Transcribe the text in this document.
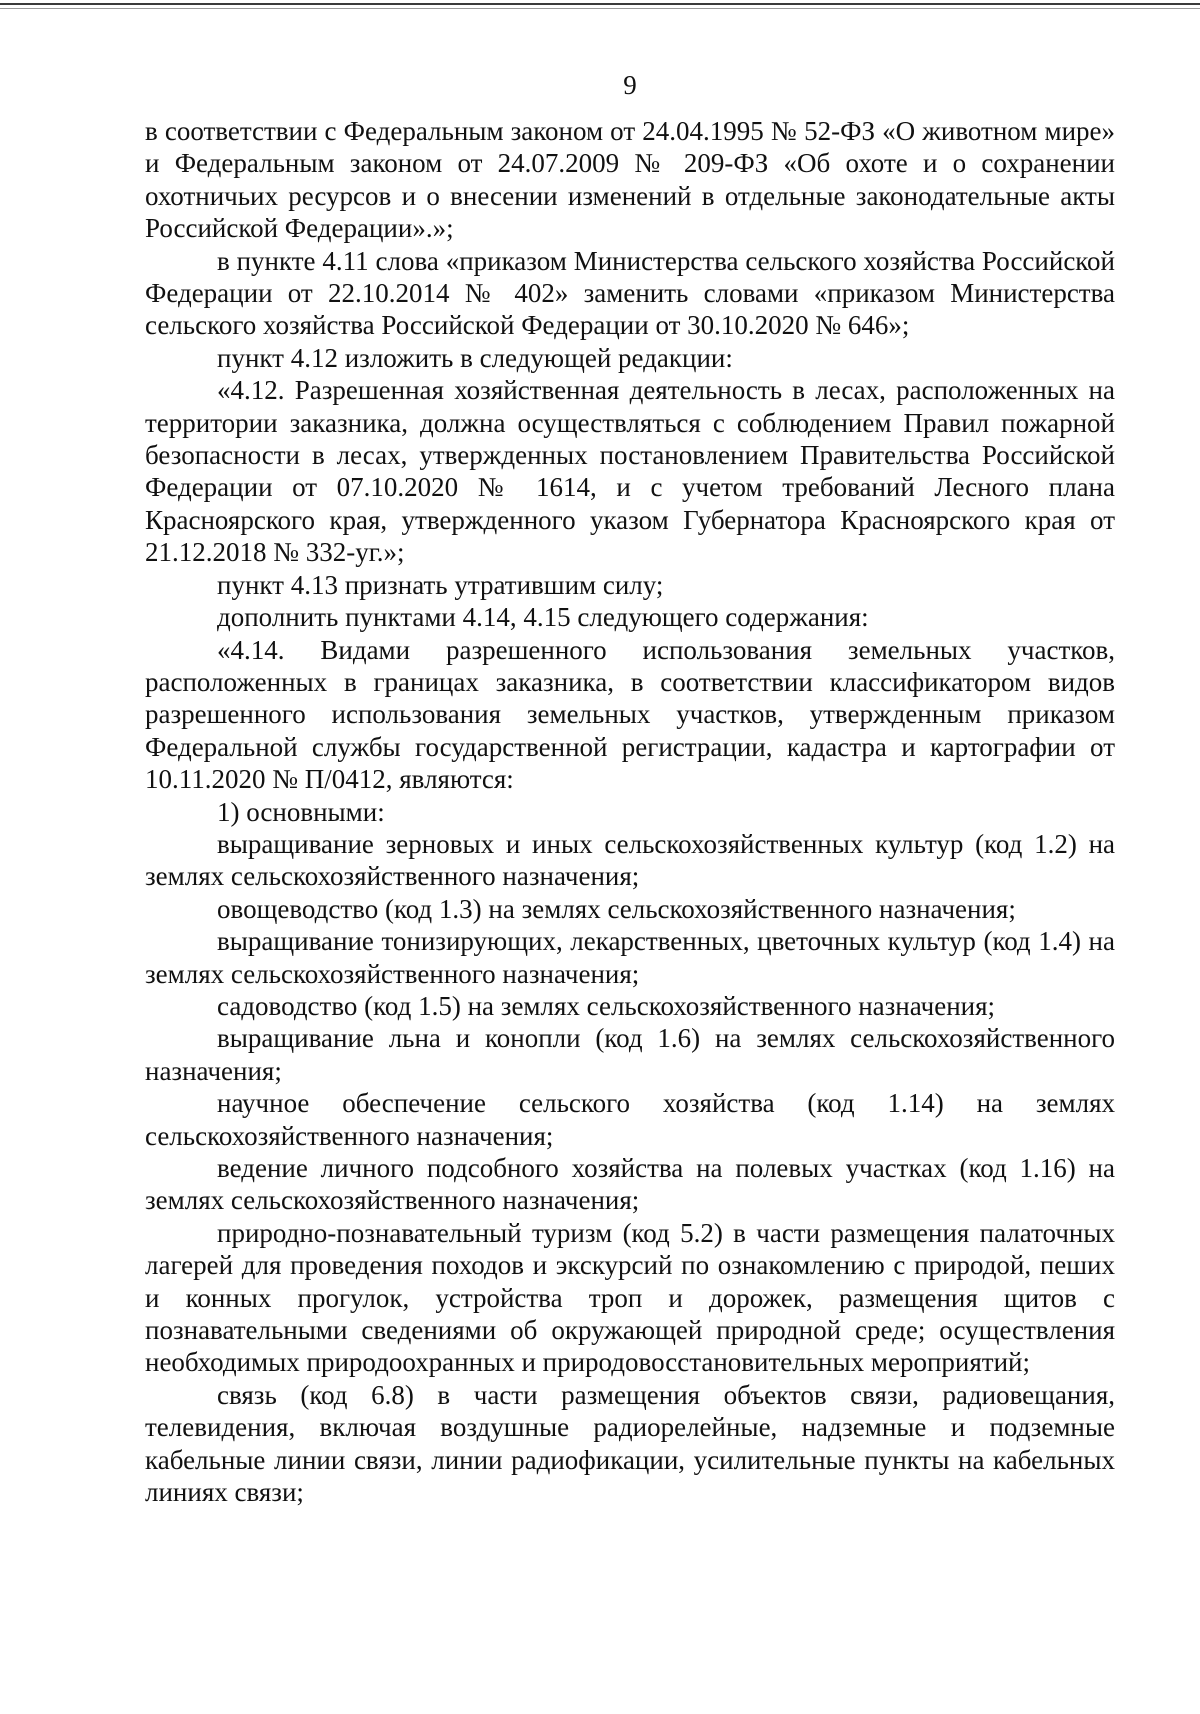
9

в соответствии с Федеральным законом от 24.04.1995 № 52-ФЗ «О животном мире» и Федеральным законом от 24.07.2009 № 209-ФЗ «Об охоте и о сохранении охотничьих ресурсов и о внесении изменений в отдельные законодательные акты Российской Федерации».»;

в пункте 4.11 слова «приказом Министерства сельского хозяйства Российской Федерации от 22.10.2014 № 402» заменить словами «приказом Министерства сельского хозяйства Российской Федерации от 30.10.2020 № 646»;

пункт 4.12 изложить в следующей редакции:

«4.12. Разрешенная хозяйственная деятельность в лесах, расположенных на территории заказника, должна осуществляться с соблюдением Правил пожарной безопасности в лесах, утвержденных постановлением Правительства Российской Федерации от 07.10.2020 № 1614, и с учетом требований Лесного плана Красноярского края, утвержденного указом Губернатора Красноярского края от 21.12.2018 № 332-уг.»;

пункт 4.13 признать утратившим силу;

дополнить пунктами 4.14, 4.15 следующего содержания:

«4.14. Видами разрешенного использования земельных участков, расположенных в границах заказника, в соответствии классификатором видов разрешенного использования земельных участков, утвержденным приказом Федеральной службы государственной регистрации, кадастра и картографии от 10.11.2020 № П/0412, являются:

1) основными:

выращивание зерновых и иных сельскохозяйственных культур (код 1.2) на землях сельскохозяйственного назначения;

овощеводство (код 1.3) на землях сельскохозяйственного назначения;

выращивание тонизирующих, лекарственных, цветочных культур (код 1.4) на землях сельскохозяйственного назначения;

садоводство (код 1.5) на землях сельскохозяйственного назначения;

выращивание льна и конопли (код 1.6) на землях сельскохозяйственного назначения;

научное обеспечение сельского хозяйства (код 1.14) на землях сельскохозяйственного назначения;

ведение личного подсобного хозяйства на полевых участках (код 1.16) на землях сельскохозяйственного назначения;

природно-познавательный туризм (код 5.2) в части размещения палаточных лагерей для проведения походов и экскурсий по ознакомлению с природой, пеших и конных прогулок, устройства троп и дорожек, размещения щитов с познавательными сведениями об окружающей природной среде; осуществления необходимых природоохранных и природовосстановительных мероприятий;

связь (код 6.8) в части размещения объектов связи, радиовещания, телевидения, включая воздушные радиорелейные, надземные и подземные кабельные линии связи, линии радиофикации, усилительные пункты на кабельных линиях связи;
